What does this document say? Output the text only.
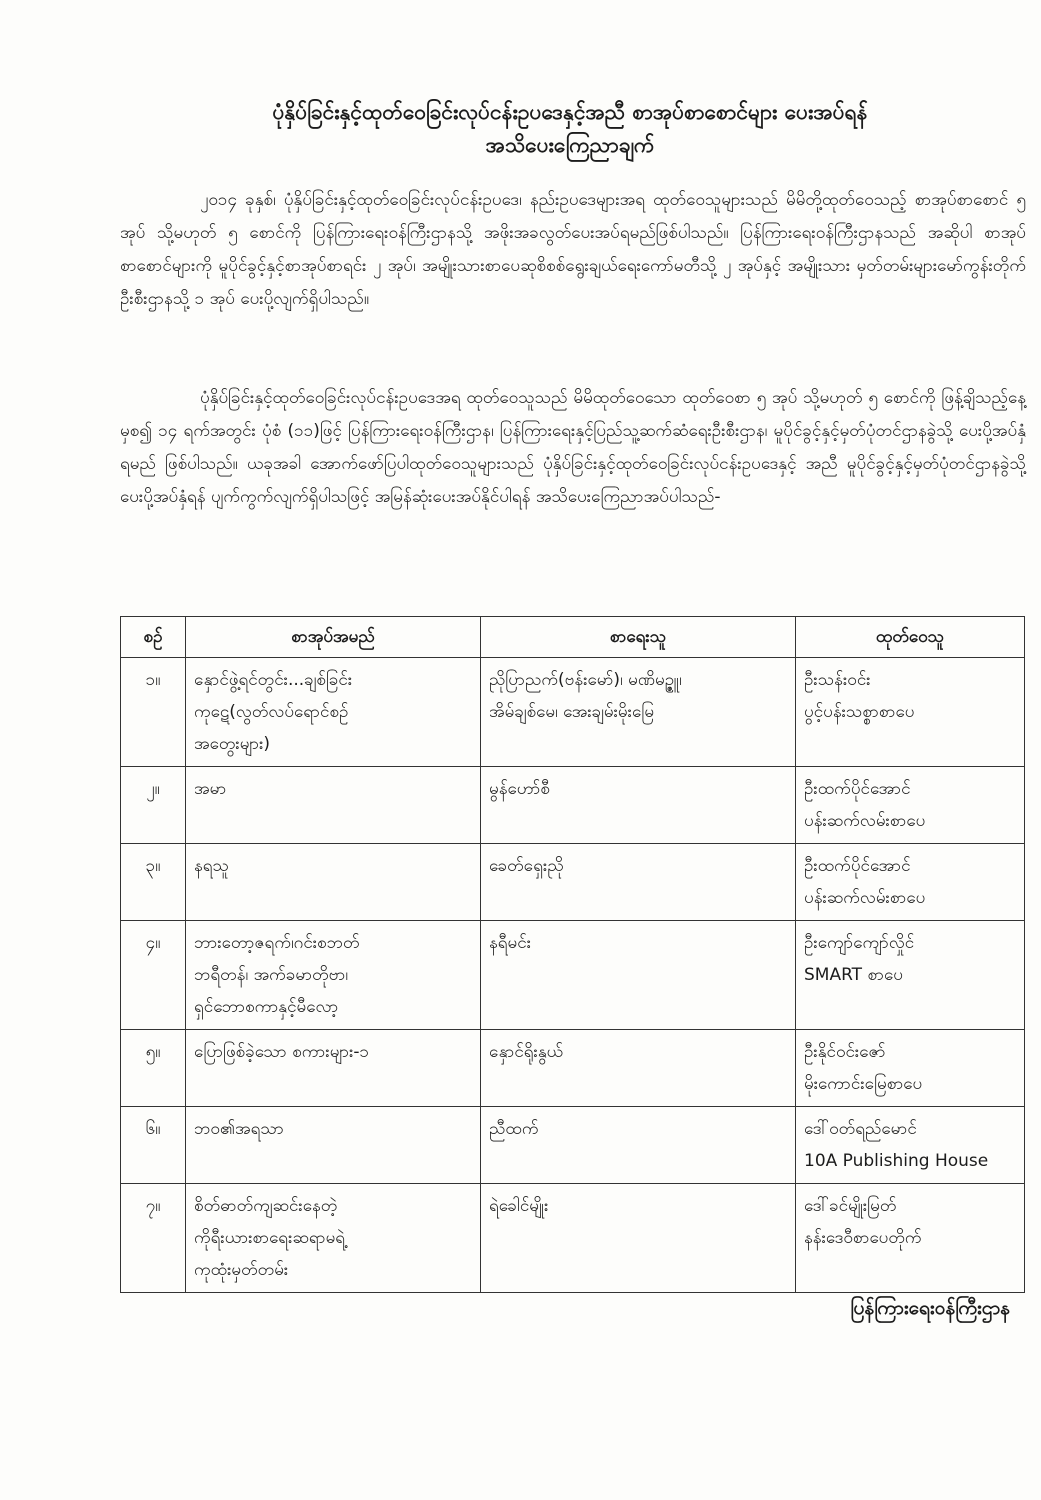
ပုံနှိပ်ခြင်းနှင့်ထုတ်ဝေခြင်းလုပ်ငန်းဥပဒေနှင့်အညီ စာအုပ်စာစောင်များ ပေးအပ်ရန်
အသိပေးကြေညာချက်

၂၀၁၄ ခုနှစ်၊ ပုံနှိပ်ခြင်းနှင့်ထုတ်ဝေခြင်းလုပ်ငန်းဥပဒေ၊ နည်းဥပဒေများအရ ထုတ်ဝေသူများသည် မိမိတို့ထုတ်ဝေသည့် စာအုပ်စာစောင် ၅ အုပ် သို့မဟုတ် ၅ စောင်ကို ပြန်ကြားရေးဝန်ကြီးဌာနသို့ အဖိုးအခလွတ်ပေးအပ်ရမည်ဖြစ်ပါသည်။ ပြန်ကြားရေးဝန်ကြီးဌာနသည် အဆိုပါ စာအုပ်စာစောင်များကို မူပိုင်ခွင့်နှင့်စာအုပ်စာရင်း ၂ အုပ်၊ အမျိုးသားစာပေဆုစိစစ်ရွေးချယ်ရေးကော်မတီသို့ ၂ အုပ်နှင့် အမျိုးသား မှတ်တမ်းများမော်ကွန်းတိုက်ဦးစီးဌာနသို့ ၁ အုပ် ပေးပို့လျက်ရှိပါသည်။

ပုံနှိပ်ခြင်းနှင့်ထုတ်ဝေခြင်းလုပ်ငန်းဥပဒေအရ ထုတ်ဝေသူသည် မိမိထုတ်ဝေသော ထုတ်ဝေစာ ၅ အုပ် သို့မဟုတ် ၅ စောင်ကို ဖြန့်ချိသည့်နေ့မှစ၍ ၁၄ ရက်အတွင်း ပုံစံ (၁၁)ဖြင့် ပြန်ကြားရေးဝန်ကြီးဌာန၊ ပြန်ကြားရေးနှင့်ပြည်သူ့ဆက်ဆံရေးဦးစီးဌာန၊ မူပိုင်ခွင့်နှင့်မှတ်ပုံတင်ဌာနခွဲသို့ ပေးပို့အပ်နှံရမည် ဖြစ်ပါသည်။ ယခုအခါ အောက်ဖော်ပြပါထုတ်ဝေသူများသည် ပုံနှိပ်ခြင်းနှင့်ထုတ်ဝေခြင်းလုပ်ငန်းဥပဒေနှင့် အညီ မူပိုင်ခွင့်နှင့်မှတ်ပုံတင်ဌာနခွဲသို့ ပေးပို့အပ်နှံရန် ပျက်ကွက်လျက်ရှိပါသဖြင့် အမြန်ဆုံးပေးအပ်နိုင်ပါရန် အသိပေးကြေညာအပ်ပါသည်-

စဉ်	စာအုပ်အမည်	စာရေးသူ	ထုတ်ဝေသူ
၁။	နှောင်ဖွဲ့ရင်တွင်း...ချစ်ခြင်း
ကုဋေ(လွတ်လပ်ရောင်စဉ်
အတွေးများ)	ညိုပြာညက်(ဗန်းမော်)၊ မဏိမဥ္ဇူ၊
အိမ်ချစ်မေ၊ အေးချမ်းမိုးမြေ	ဦးသန်းဝင်း
ပွင့်ပန်းသစ္စာစာပေ

၂။	အမာ	မွန်ဟော်စီ	ဦးထက်ပိုင်အောင်
ပန်းဆက်လမ်းစာပေ

၃။	နရသူ	ခေတ်ရှေးညို	ဦးထက်ပိုင်အောင်
ပန်းဆက်လမ်းစာပေ

၄။	ဘားတော့ဇရက်၊ဂင်းစဘတ်
ဘရီတန်၊ အက်ခမာတိုဗာ၊
ရှင်ဘောစကာနှင့်မီလော့	နရီမင်း	ဦးကျော်ကျော်လှိုင်
SMART စာပေ

၅။	ပြောဖြစ်ခဲ့သော စကားများ-၁	နှောင်ရိုးနွယ်	ဦးနိုင်ဝင်းဇော်
မိုးကောင်းမြေစာပေ

၆။	ဘဝ၏အရသာ	ညီထက်	ဒေါ်ဝတ်ရည်မောင်
10A Publishing House

၇။	စိတ်ဓာတ်ကျဆင်းနေတဲ့
ကိုရီးယားစာရေးဆရာမရဲ့
ကုထုံးမှတ်တမ်း	ရဲခေါင်မျိုး	ဒေါ်ခင်မျိုးမြတ်
နန်းဒေဝီစာပေတိုက်
ပြန်ကြားရေးဝန်ကြီးဌာန
